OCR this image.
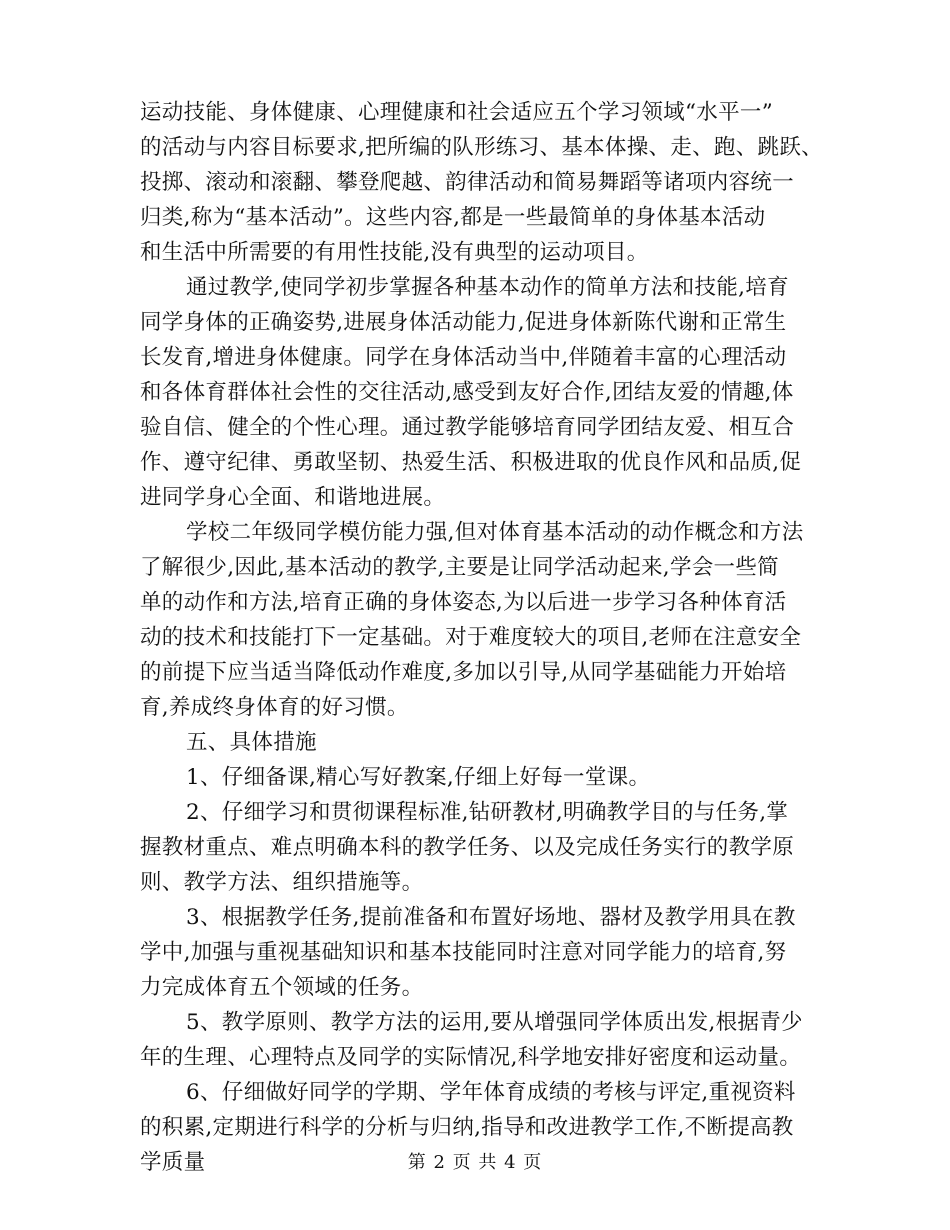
运动技能、身体健康、心理健康和社会适应五个学习领域“水平一”
的活动与内容目标要求,把所编的队形练习、基本体操、走、跑、跳跃、
投掷、滚动和滚翻、攀登爬越、韵律活动和简易舞蹈等诸项内容统一
归类,称为“基本活动”。这些内容,都是一些最简单的身体基本活动
和生活中所需要的有用性技能,没有典型的运动项目。
通过教学,使同学初步掌握各种基本动作的简单方法和技能,培育
同学身体的正确姿势,进展身体活动能力,促进身体新陈代谢和正常生
长发育,增进身体健康。同学在身体活动当中,伴随着丰富的心理活动
和各体育群体社会性的交往活动,感受到友好合作,团结友爱的情趣,体
验自信、健全的个性心理。通过教学能够培育同学团结友爱、相互合
作、遵守纪律、勇敢坚韧、热爱生活、积极进取的优良作风和品质,促
进同学身心全面、和谐地进展。
学校二年级同学模仿能力强,但对体育基本活动的动作概念和方法
了解很少,因此,基本活动的教学,主要是让同学活动起来,学会一些简
单的动作和方法,培育正确的身体姿态,为以后进一步学习各种体育活
动的技术和技能打下一定基础。对于难度较大的项目,老师在注意安全
的前提下应当适当降低动作难度,多加以引导,从同学基础能力开始培
育,养成终身体育的好习惯。
五、具体措施
1、仔细备课,精心写好教案,仔细上好每一堂课。
2、仔细学习和贯彻课程标准,钻研教材,明确教学目的与任务,掌
握教材重点、难点明确本科的教学任务、以及完成任务实行的教学原
则、教学方法、组织措施等。
3、根据教学任务,提前准备和布置好场地、器材及教学用具在教
学中,加强与重视基础知识和基本技能同时注意对同学能力的培育,努
力完成体育五个领域的任务。
5、教学原则、教学方法的运用,要从增强同学体质出发,根据青少
年的生理、心理特点及同学的实际情况,科学地安排好密度和运动量。
6、仔细做好同学的学期、学年体育成绩的考核与评定,重视资料
的积累,定期进行科学的分析与归纳,指导和改进教学工作,不断提高教
学质量	第 2 页 共 4 页
